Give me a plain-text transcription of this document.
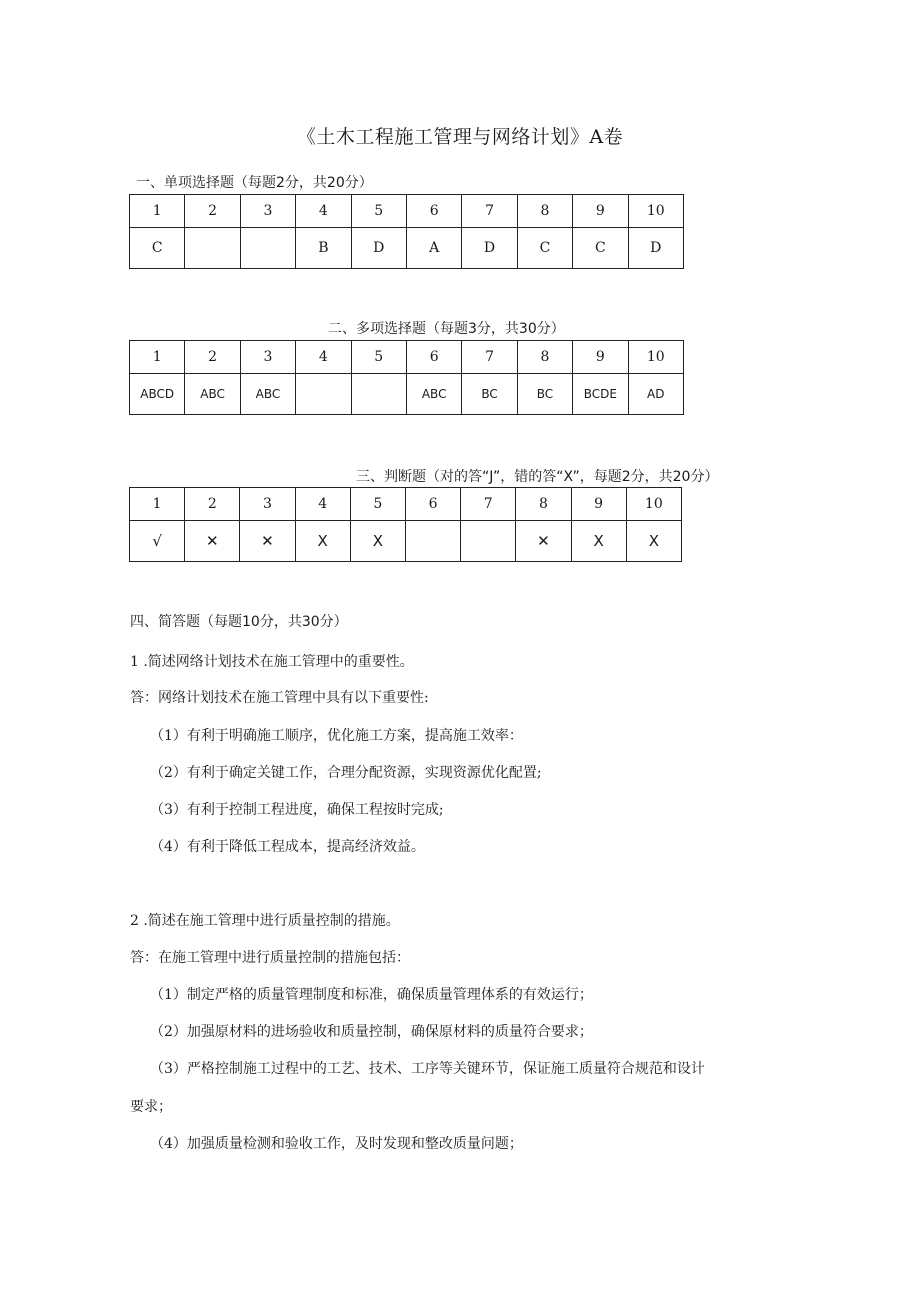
《土木工程施工管理与网络计划》A卷
一、单项选择题（每题2分，共20分）
1	2	3	4	5	6	7	8	9	10
C			B	D	A	D	C	C	D
二、多项选择题（每题3分，共30分）
1	2	3	4	5	6	7	8	9	10
ABCD	ABC	ABC			ABC	BC	BC	BCDE	AD
三、判断题（对的答“J”，错的答“X”，每题2分，共20分）
1	2	3	4	5	6	7	8	9	10
√	✕	✕	X	X			✕	X	X
四、简答题（每题10分，共30分）
1 .简述网络计划技术在施工管理中的重要性。
答：网络计划技术在施工管理中具有以下重要性:
（1）有利于明确施工顺序，优化施工方案，提高施工效率：
（2）有利于确定关键工作，合理分配资源，实现资源优化配置;
（3）有利于控制工程进度，确保工程按时完成;
（4）有利于降低工程成本，提高经济效益。
2 .简述在施工管理中进行质量控制的措施。
答：在施工管理中进行质量控制的措施包括：
（1）制定严格的质量管理制度和标准，确保质量管理体系的有效运行；
（2）加强原材料的进场验收和质量控制，确保原材料的质量符合要求；
（3）严格控制施工过程中的工艺、技术、工序等关键环节，保证施工质量符合规范和设计
要求；
（4）加强质量检测和验收工作，及时发现和整改质量问题；
